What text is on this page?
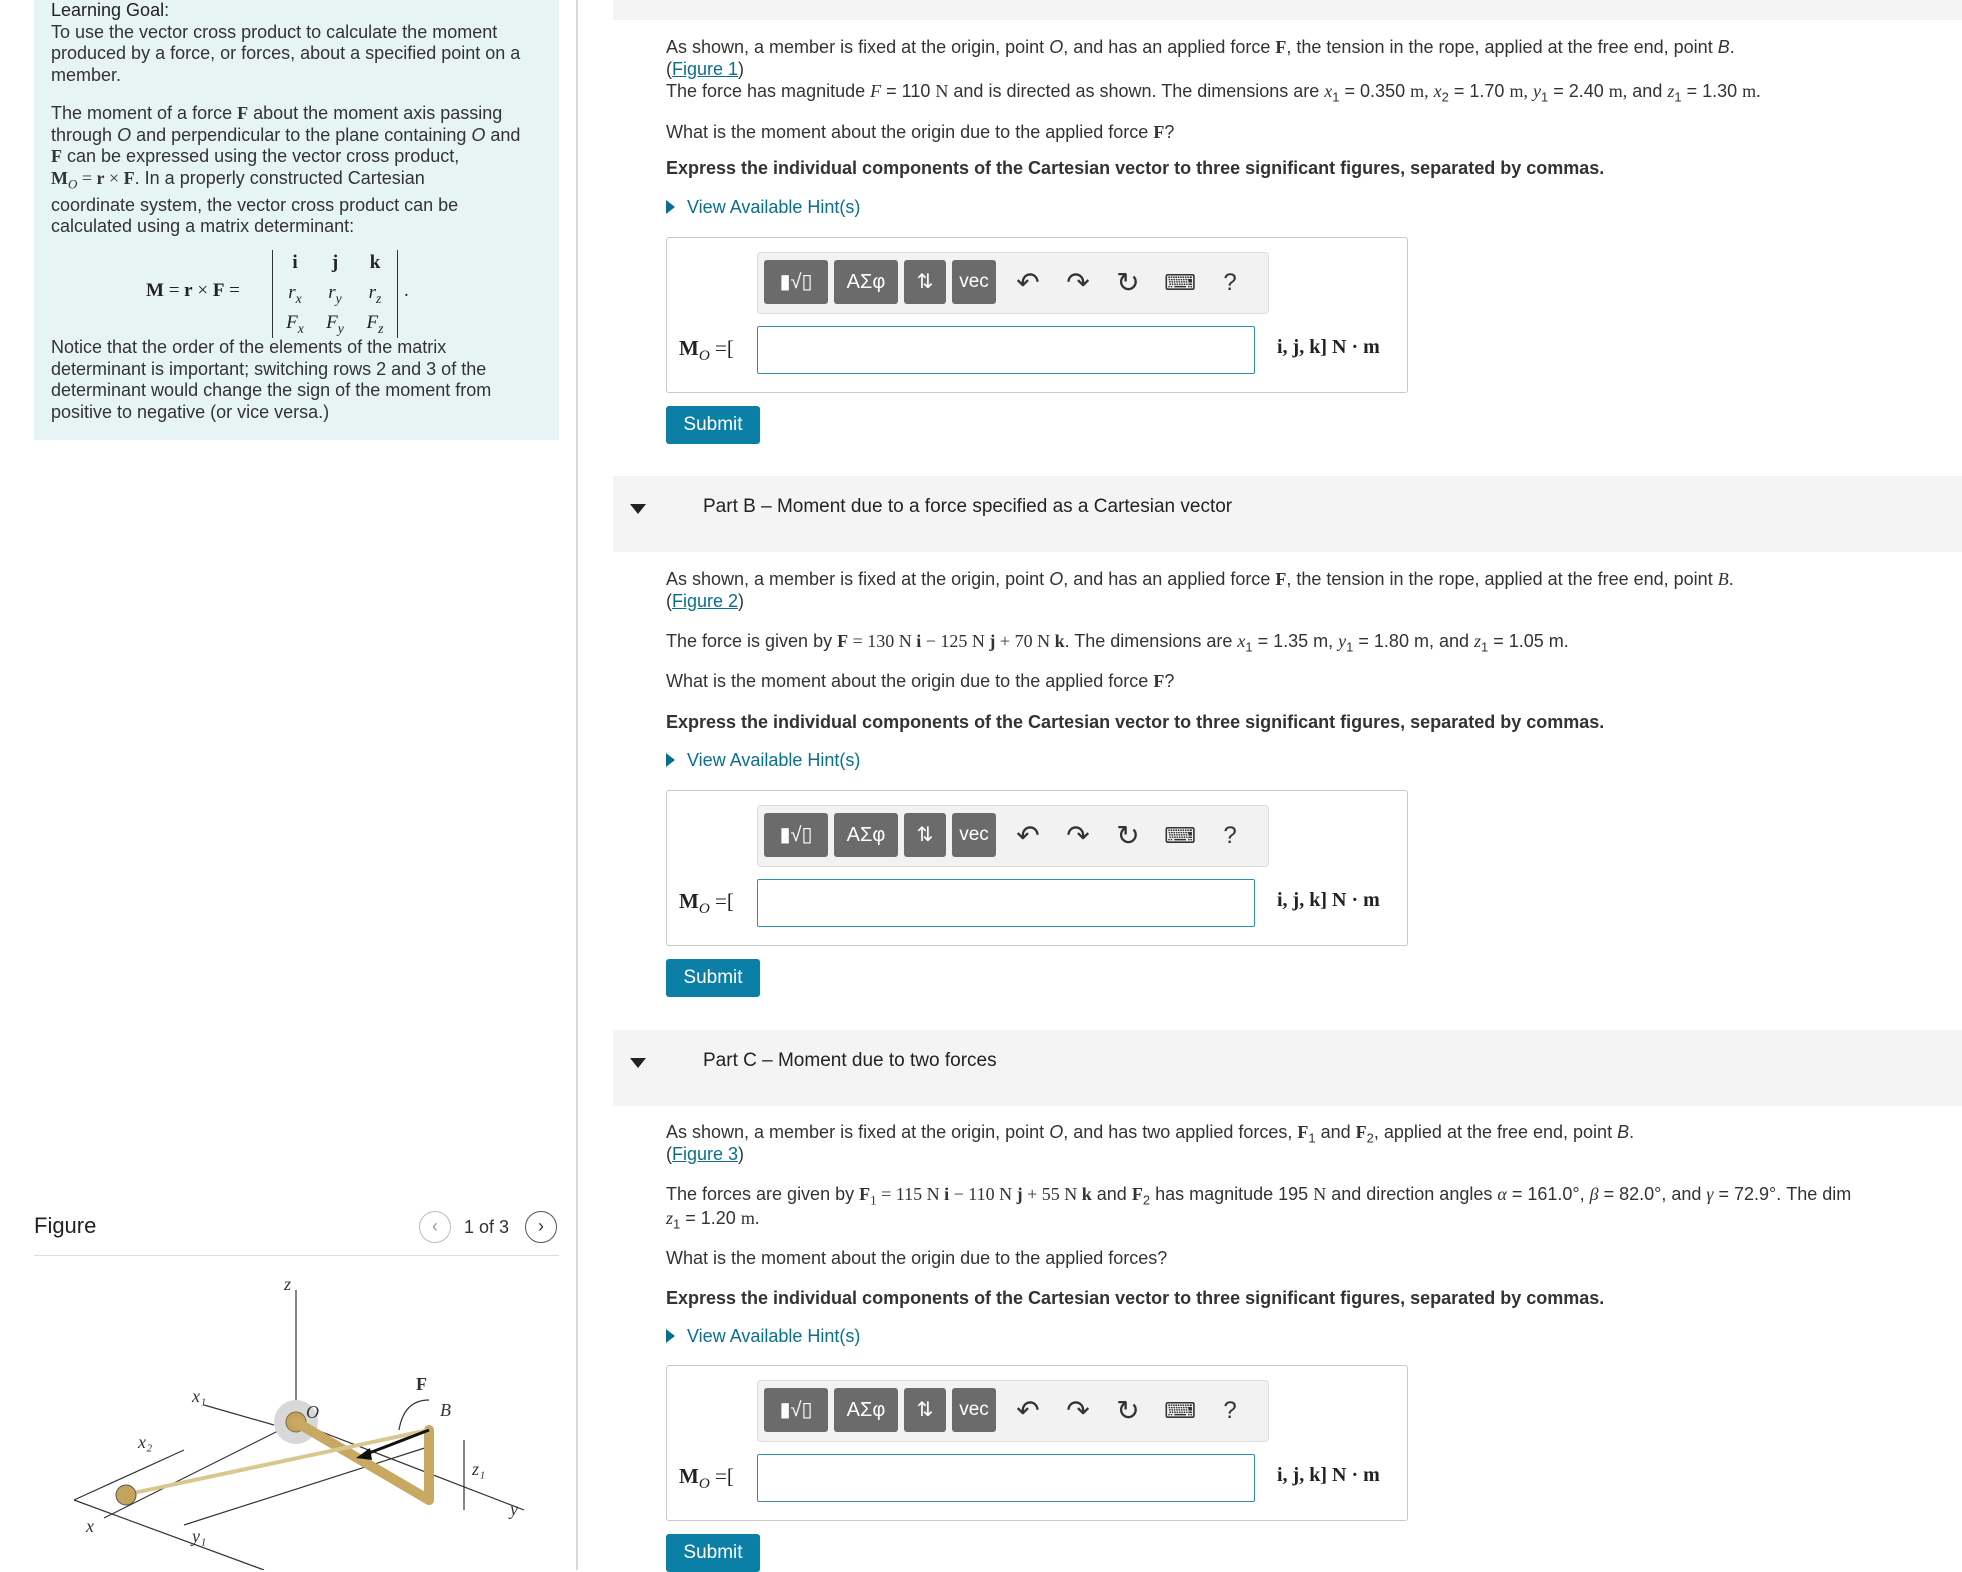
Learning Goal:

To use the vector cross product to calculate the moment
produced by a force, or forces, about a specified point on a
member.

The moment of a force F about the moment axis passing
through O and perpendicular to the plane containing O and
F can be expressed using the vector cross product,
$M_O = r \times F$. In a properly constructed Cartesian
coordinate system, the vector cross product can be
calculated using a matrix determinant:

M = r × F =
i	j	k
$r_x$	$r_y$	$r_z$
$F_x$	$F_y$	$F_z$
.
Notice that the order of the elements of the matrix
determinant is important; switching rows 2 and 3 of the
determinant would change the sign of the moment from
positive to negative (or vice versa.)
Figure	‹	1 of 3	›
z
x₁
x₂
O
F
B
z₁
y
x	y₁
As shown, a member is fixed at the origin, point O, and has an applied force F, the tension in the rope, applied at the free end, point B.
(Figure 1)
The force has magnitude F = 110 N and is directed as shown. The dimensions are $x_1 = 0.350$ m, $x_2 = 1.70$ m, $y_1 = 2.40$ m, and $z_1 = 1.30$ m.
What is the moment about the origin due to the applied force F?
Express the individual components of the Cartesian vector to three significant figures, separated by commas.
View Available Hint(s)
▮√▯	ΑΣφ	⇅	vec ↶ ↷ ↻ ⌨	?
$M_O$ =[	i, j, k] N · m
Submit
Part B – Moment due to a force specified as a Cartesian vector
As shown, a member is fixed at the origin, point O, and has an applied force F, the tension in the rope, applied at the free end, point B.
(Figure 2)
The force is given by F = 130 N i − 125 N j + 70 N k. The dimensions are $x_1 = 1.35$ m, $y_1 = 1.80$ m, and $z_1 = 1.05$ m.
What is the moment about the origin due to the applied force F?
Express the individual components of the Cartesian vector to three significant figures, separated by commas.
View Available Hint(s)
▮√▯	ΑΣφ	⇅	vec ↶ ↷ ↻ ⌨	?
$M_O$ =[	i, j, k] N · m
Submit
Part C – Moment due to two forces
As shown, a member is fixed at the origin, point O, and has two applied forces, $F_1$ and $F_2$, applied at the free end, point B.
(Figure 3)
The forces are given by $F_1 = 115$ N i − 110 N j + 55 N k and $F_2$ has magnitude 195 N and direction angles α = 161.0°, β = 82.0°, and γ = 72.9°. The dim
$z_1 = 1.20$ m.
What is the moment about the origin due to the applied forces?
Express the individual components of the Cartesian vector to three significant figures, separated by commas.
View Available Hint(s)
▮√▯	ΑΣφ	⇅	vec ↶ ↷ ↻ ⌨	?
$M_O$ =[	i, j, k] N · m
Submit
